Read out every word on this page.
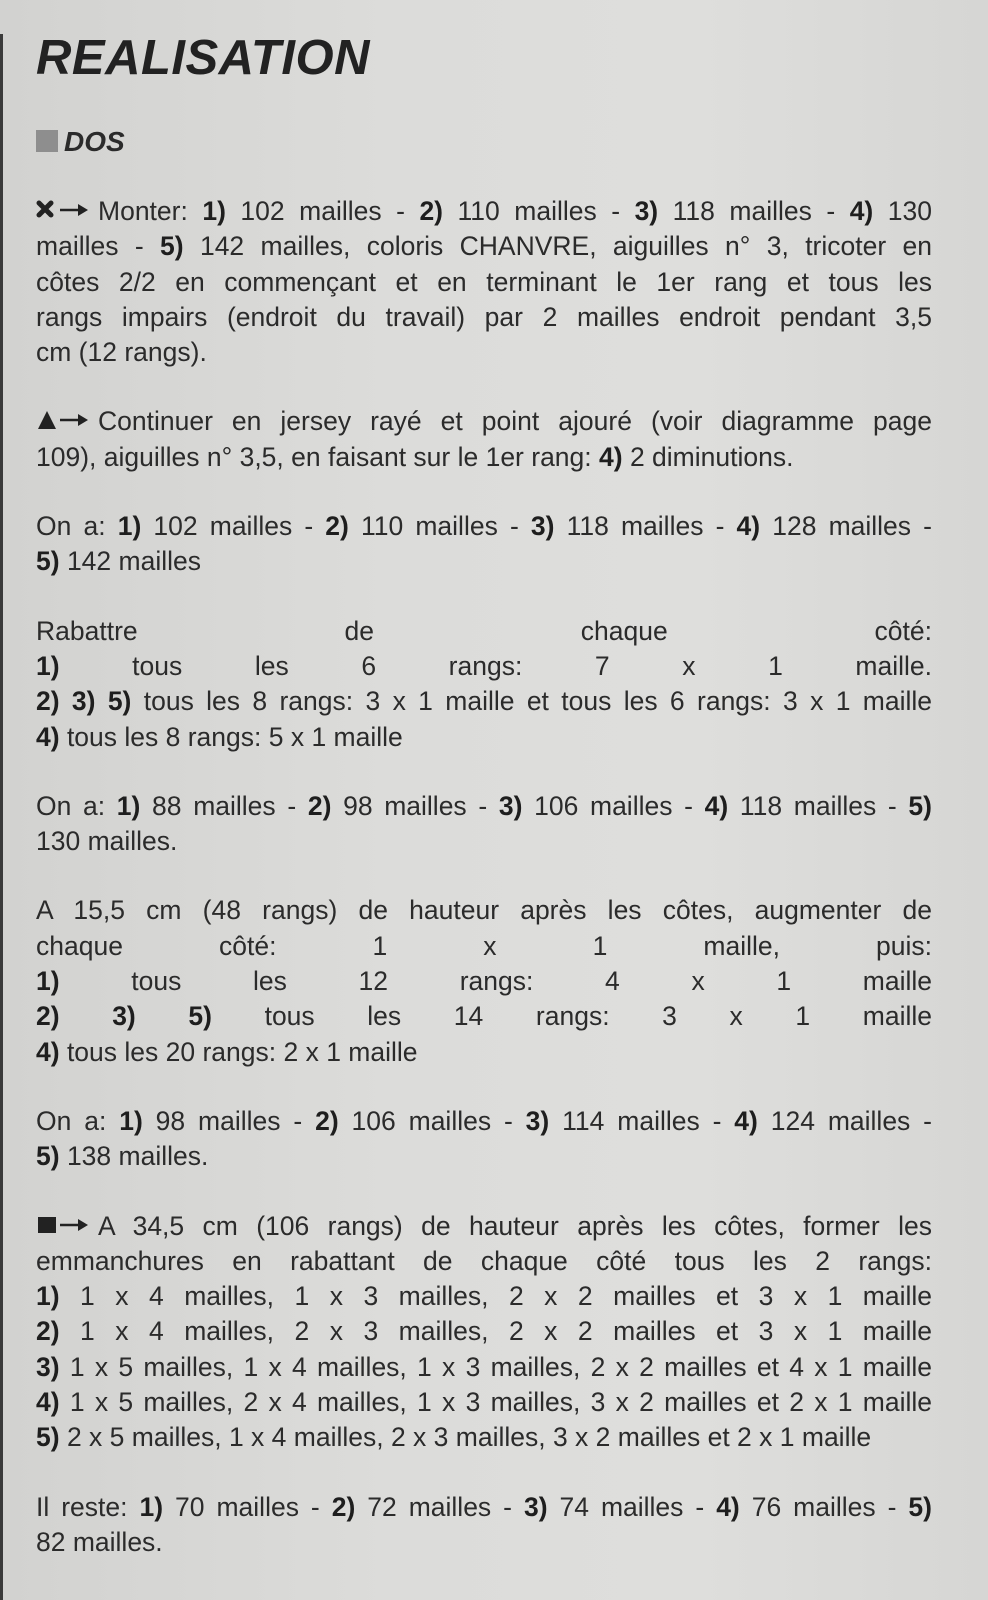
REALISATION
DOS

Monter: 1) 102 mailles - 2) 110 mailles - 3) 118 mailles - 4) 130

mailles - 5) 142 mailles, coloris CHANVRE, aiguilles n° 3, tricoter en

côtes 2/2 en commençant et en terminant le 1er rang et tous les

rangs impairs (endroit du travail) par 2 mailles endroit pendant 3,5

cm (12 rangs).

Continuer en jersey rayé et point ajouré (voir diagramme page

109), aiguilles n° 3,5, en faisant sur le 1er rang: 4) 2 diminutions.

On a: 1) 102 mailles - 2) 110 mailles - 3) 118 mailles - 4) 128 mailles -

5) 142 mailles

Rabattre de chaque côté:

1) tous les 6 rangs: 7 x 1 maille.

2) 3) 5) tous les 8 rangs: 3 x 1 maille et tous les 6 rangs: 3 x 1 maille

4) tous les 8 rangs: 5 x 1 maille

On a: 1) 88 mailles - 2) 98 mailles - 3) 106 mailles - 4) 118 mailles - 5)

130 mailles.

A 15,5 cm (48 rangs) de hauteur après les côtes, augmenter de

chaque côté: 1 x 1 maille, puis:

1) tous les 12 rangs: 4 x 1 maille

2) 3) 5) tous les 14 rangs: 3 x 1 maille

4) tous les 20 rangs: 2 x 1 maille

On a: 1) 98 mailles - 2) 106 mailles - 3) 114 mailles - 4) 124 mailles -

5) 138 mailles.

A 34,5 cm (106 rangs) de hauteur après les côtes, former les

emmanchures en rabattant de chaque côté tous les 2 rangs:

1) 1 x 4 mailles, 1 x 3 mailles, 2 x 2 mailles et 3 x 1 maille

2) 1 x 4 mailles, 2 x 3 mailles, 2 x 2 mailles et 3 x 1 maille

3) 1 x 5 mailles, 1 x 4 mailles, 1 x 3 mailles, 2 x 2 mailles et 4 x 1 maille

4) 1 x 5 mailles, 2 x 4 mailles, 1 x 3 mailles, 3 x 2 mailles et 2 x 1 maille

5) 2 x 5 mailles, 1 x 4 mailles, 2 x 3 mailles, 3 x 2 mailles et 2 x 1 maille

Il reste: 1) 70 mailles - 2) 72 mailles - 3) 74 mailles - 4) 76 mailles - 5)

82 mailles.
